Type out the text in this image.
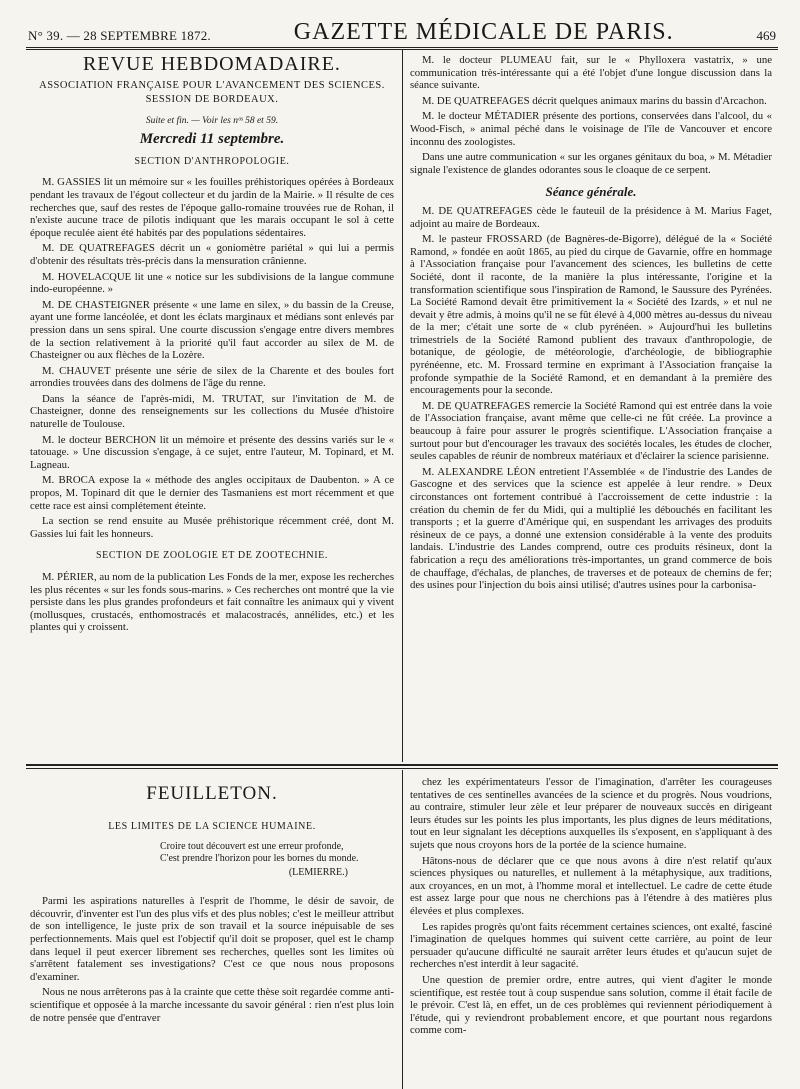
N° 39. — 28 SEPTEMBRE 1872.	GAZETTE MÉDICALE DE PARIS.	469
REVUE HEBDOMADAIRE.
ASSOCIATION FRANÇAISE POUR L'AVANCEMENT DES SCIENCES.
SESSION DE BORDEAUX.
Suite et fin. — Voir les nᵒˢ 58 et 59.
Mercredi 11 septembre.
SECTION D'ANTHROPOLOGIE.

M. GASSIES lit un mémoire sur « les fouilles préhistoriques opérées à Bordeaux pendant les travaux de l'égout collecteur et du jardin de la Mairie. » Il résulte de ces recherches que, sauf des restes de l'époque gallo-romaine trouvées rue de Rohan, il n'existe aucune trace de pilotis indiquant que les marais occupant le sol à cette époque reculée aient été habités par des populations sédentaires.

M. DE QUATREFAGES décrit un « goniomètre pariétal » qui lui a permis d'obtenir des résultats très-précis dans la mensuration crânienne.

M. HOVELACQUE lit une « notice sur les subdivisions de la langue commune indo-européenne. »

M. DE CHASTEIGNER présente « une lame en silex, » du bassin de la Creuse, ayant une forme lancéolée, et dont les éclats marginaux et médians sont enlevés par pression dans un sens spiral. Une courte discussion s'engage entre divers membres de la section relativement à la priorité qu'il faut accorder au silex de M. de Chasteigner ou aux flèches de la Lozère.

M. CHAUVET présente une série de silex de la Charente et des boules fort arrondies trouvées dans des dolmens de l'âge du renne.

Dans la séance de l'après-midi, M. TRUTAT, sur l'invitation de M. de Chasteigner, donne des renseignements sur les collections du Musée d'histoire naturelle de Toulouse.

M. le docteur BERCHON lit un mémoire et présente des dessins variés sur le « tatouage. » Une discussion s'engage, à ce sujet, entre l'auteur, M. Topinard, et M. Lagneau.

M. BROCA expose la « méthode des angles occipitaux de Daubenton. » A ce propos, M. Topinard dit que le dernier des Tasmaniens est mort récemment et que cette race est ainsi complétement éteinte.

La section se rend ensuite au Musée préhistorique récemment créé, dont M. Gassies lui fait les honneurs.

SECTION DE ZOOLOGIE ET DE ZOOTECHNIE.

M. PÉRIER, au nom de la publication Les Fonds de la mer, expose les recherches les plus récentes « sur les fonds sous-marins. » Ces recherches ont montré que la vie persiste dans les plus grandes profondeurs et fait connaître les animaux qui y vivent (mollusques, crustacés, enthomostracés et malacostracés, annélides, etc.) et les plantes qui y croissent.

M. le docteur PLUMEAU fait, sur le « Phylloxera vastatrix, » une communication très-intéressante qui a été l'objet d'une longue discussion dans la séance suivante.

M. DE QUATREFAGES décrit quelques animaux marins du bassin d'Arcachon.

M. le docteur MÉTADIER présente des portions, conservées dans l'alcool, du « Wood-Fisch, » animal péché dans le voisinage de l'île de Vancouver et encore inconnu des zoologistes.

Dans une autre communication « sur les organes génitaux du boa, » M. Métadier signale l'existence de glandes odorantes sous le cloaque de ce serpent.

Séance générale.

M. DE QUATREFAGES cède le fauteuil de la présidence à M. Marius Faget, adjoint au maire de Bordeaux.

M. le pasteur FROSSARD (de Bagnères-de-Bigorre), délégué de la « Société Ramond, » fondée en août 1865, au pied du cirque de Gavarnie, offre en hommage à l'Association française pour l'avancement des sciences, les bulletins de cette Société, dont il raconte, de la manière la plus intéressante, l'origine et la transformation scientifique sous l'inspiration de Ramond, le Saussure des Pyrénées. La Société Ramond devait être primitivement la « Société des Izards, » et nul ne devait y être admis, à moins qu'il ne se fût élevé à 4,000 mètres au-dessus du niveau de la mer; c'était une sorte de « club pyrénéen. » Aujourd'hui les bulletins trimestriels de la Société Ramond publient des travaux d'anthropologie, de botanique, de géologie, de météorologie, d'archéologie, de bibliographie pyrénéenne, etc. M. Frossard termine en exprimant à l'Association française la profonde sympathie de la Société Ramond, et en demandant à la première des encouragements pour la seconde.

M. DE QUATREFAGES remercie la Société Ramond qui est entrée dans la voie de l'Association française, avant même que celle-ci ne fût créée. La province a beaucoup à faire pour assurer le progrès scientifique. L'Association française a surtout pour but d'encourager les travaux des sociétés locales, les études de clocher, seules capables de réunir de nombreux matériaux et d'éclairer la science parisienne.

M. ALEXANDRE LÉON entretient l'Assemblée « de l'industrie des Landes de Gascogne et des services que la science est appelée à leur rendre. » Deux circonstances ont fortement contribué à l'accroissement de cette industrie : la création du chemin de fer du Midi, qui a multiplié les débouchés en facilitant les transports ; et la guerre d'Amérique qui, en suspendant les arrivages des produits résineux de ce pays, a donné une extension considérable à la vente des produits landais. L'industrie des Landes comprend, outre ces produits résineux, dont la fabrication a reçu des améliorations très-importantes, un grand commerce de bois de chauffage, d'échalas, de planches, de traverses et de poteaux de chemins de fer; des usines pour l'injection du bois ainsi utilisé; d'autres usines pour la carbonisa-

FEUILLETON.
LES LIMITES DE LA SCIENCE HUMAINE.
Croire tout découvert est une erreur profonde,
C'est prendre l'horizon pour les bornes du monde.
(LEMIERRE.)

Parmi les aspirations naturelles à l'esprit de l'homme, le désir de savoir, de découvrir, d'inventer est l'un des plus vifs et des plus nobles; c'est le meilleur attribut de son intelligence, le juste prix de son travail et la source inépuisable de ses perfectionnements. Mais quel est l'objectif qu'il doit se proposer, quel est le champ dans lequel il peut exercer librement ses recherches, quelles sont les limites où s'arrêtent fatalement ses investigations? C'est ce que nous nous proposons d'examiner.

Nous ne nous arrêterons pas à la crainte que cette thèse soit regardée comme anti-scientifique et opposée à la marche incessante du savoir général : rien n'est plus loin de notre pensée que d'entraver

chez les expérimentateurs l'essor de l'imagination, d'arrêter les courageuses tentatives de ces sentinelles avancées de la science et du progrès. Nous voudrions, au contraire, stimuler leur zèle et leur préparer de nouveaux succès en dirigeant leurs études sur les points les plus importants, les plus dignes de leurs méditations, tout en leur signalant les déceptions auxquelles ils s'exposent, en s'appliquant à des sujets que nous croyons hors de la portée de la science humaine.

Hâtons-nous de déclarer que ce que nous avons à dire n'est relatif qu'aux sciences physiques ou naturelles, et nullement à la métaphysique, aux traditions, aux croyances, en un mot, à l'homme moral et intellectuel. Le cadre de cette étude est assez large pour que nous ne cherchions pas à l'étendre à des matières plus élevées et plus complexes.

Les rapides progrès qu'ont faits récemment certaines sciences, ont exalté, fasciné l'imagination de quelques hommes qui suivent cette carrière, au point de leur persuader qu'aucune difficulté ne saurait arrêter leurs études et qu'aucun sujet de recherches n'est interdit à leur sagacité.

Une question de premier ordre, entre autres, qui vient d'agiter le monde scientifique, est restée tout à coup suspendue sans solution, comme il était facile de le prévoir. C'est là, en effet, un de ces problèmes qui reviennent périodiquement à l'étude, qui y reviendront probablement encore, et que pourtant nous regardons comme com-
